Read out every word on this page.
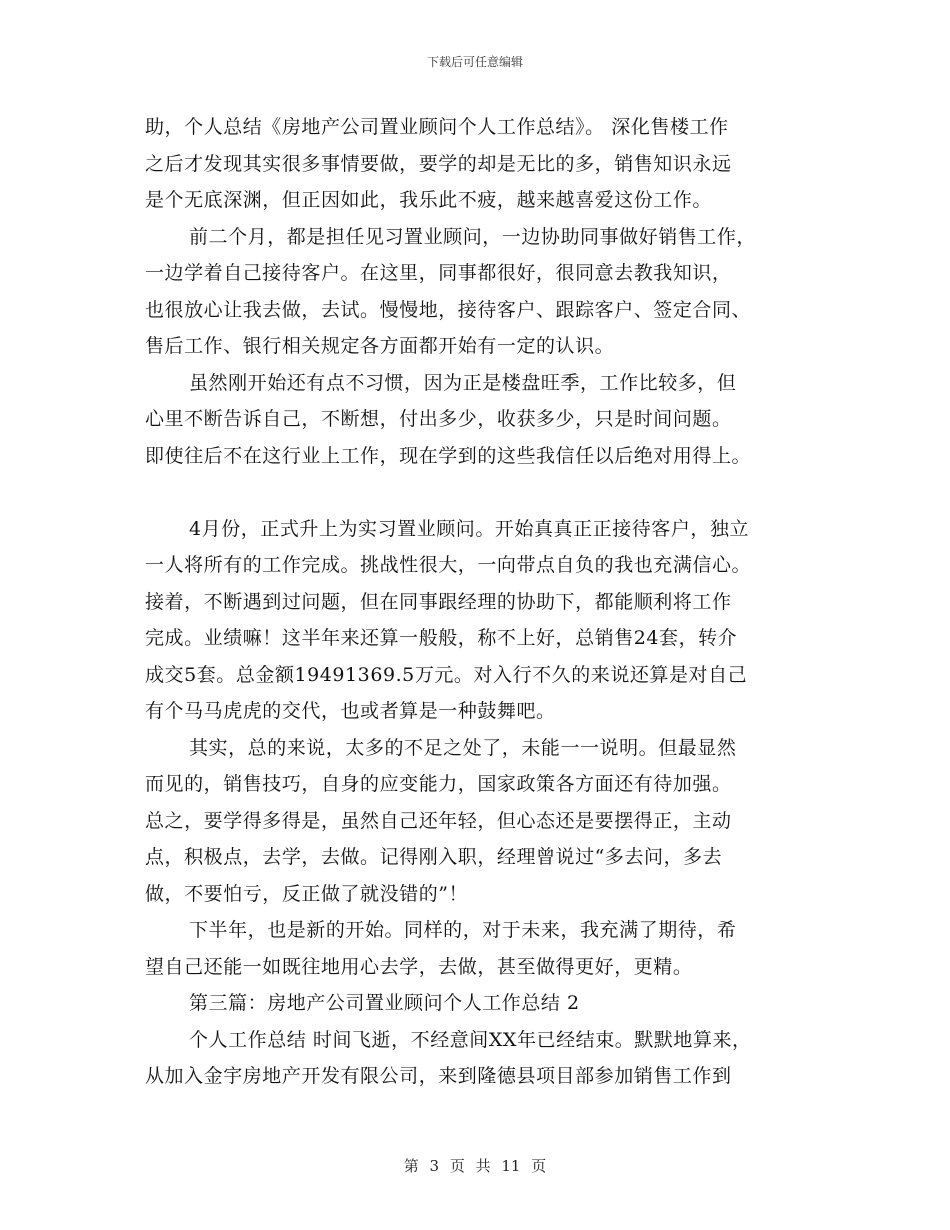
下载后可任意编辑
助，个人总结《房地产公司置业顾问个人工作总结》。 深化售楼工作
之后才发现其实很多事情要做，要学的却是无比的多，销售知识永远
是个无底深渊，但正因如此，我乐此不疲，越来越喜爱这份工作。
前二个月，都是担任见习置业顾问，一边协助同事做好销售工作，
一边学着自己接待客户。在这里，同事都很好，很同意去教我知识，
也很放心让我去做，去试。慢慢地，接待客户、跟踪客户、签定合同、
售后工作、银行相关规定各方面都开始有一定的认识。
虽然刚开始还有点不习惯，因为正是楼盘旺季，工作比较多，但
心里不断告诉自己，不断想，付出多少，收获多少，只是时间问题。
即使往后不在这行业上工作，现在学到的这些我信任以后绝对用得上。
4月份，正式升上为实习置业顾问。开始真真正正接待客户，独立
一人将所有的工作完成。挑战性很大，一向带点自负的我也充满信心。
接着，不断遇到过问题，但在同事跟经理的协助下，都能顺利将工作
完成。业绩嘛！这半年来还算一般般，称不上好，总销售24套，转介
成交5套。总金额19491369.5万元。对入行不久的来说还算是对自己
有个马马虎虎的交代，也或者算是一种鼓舞吧。
其实，总的来说，太多的不足之处了，未能一一说明。但最显然
而见的，销售技巧，自身的应变能力，国家政策各方面还有待加强。
总之，要学得多得是，虽然自己还年轻，但心态还是要摆得正，主动
点，积极点，去学，去做。记得刚入职，经理曾说过“多去问，多去
做，不要怕亏，反正做了就没错的”！
下半年，也是新的开始。同样的，对于未来，我充满了期待，希
望自己还能一如既往地用心去学，去做，甚至做得更好，更精。
第三篇：房地产公司置业顾问个人工作总结 2
个人工作总结 时间飞逝，不经意间XX年已经结束。默默地算来，
从加入金宇房地产开发有限公司，来到隆德县项目部参加销售工作到
第 3 页 共 11 页
